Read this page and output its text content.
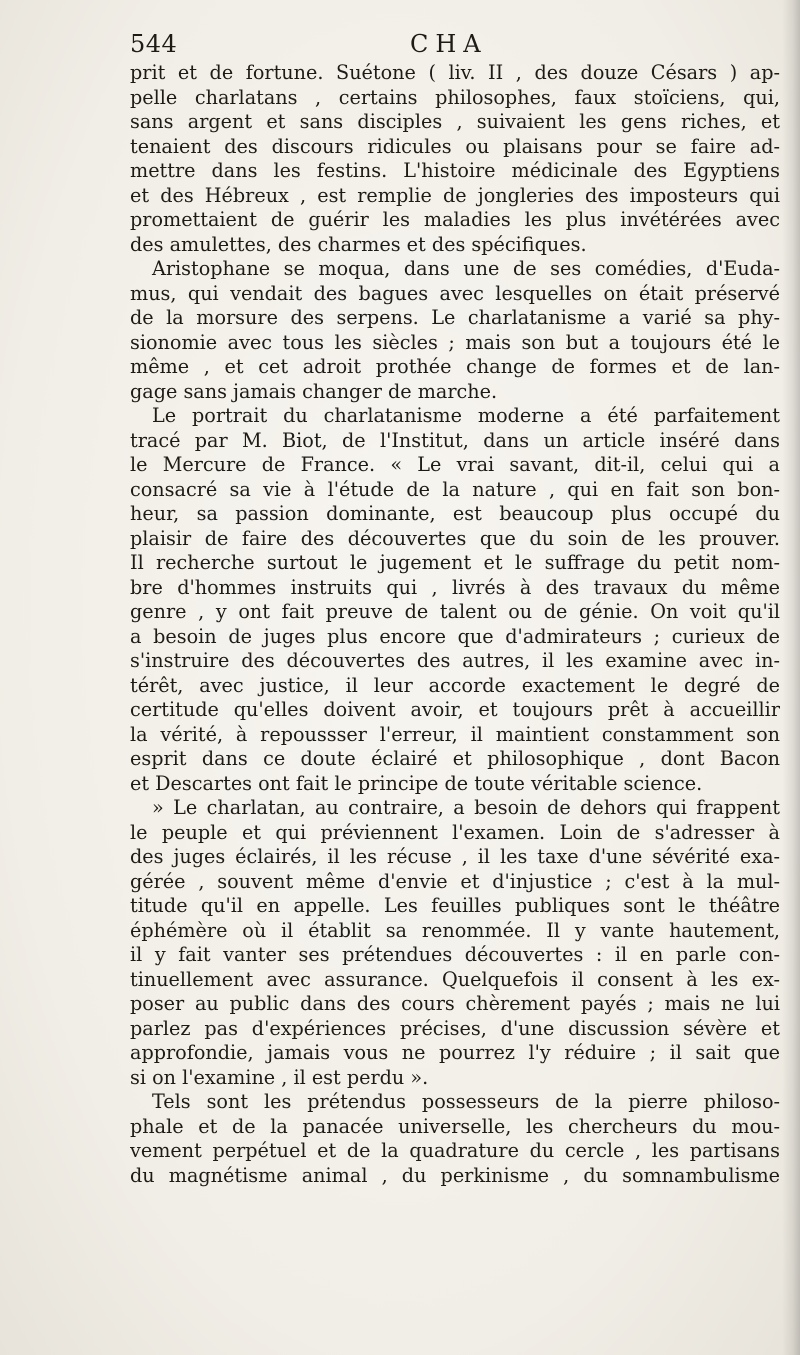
544	CHA
prit et de fortune. Suétone ( liv. II , des douze Césars ) ap-
pelle charlatans , certains philosophes, faux stoïciens, qui,
sans argent et sans disciples , suivaient les gens riches, et
tenaient des discours ridicules ou plaisans pour se faire ad-
mettre dans les festins. L'histoire médicinale des Egyptiens
et des Hébreux , est remplie de jongleries des imposteurs qui
promettaient de guérir les maladies les plus invétérées avec
des amulettes, des charmes et des spécifiques.
Aristophane se moqua, dans une de ses comédies, d'Euda-
mus, qui vendait des bagues avec lesquelles on était préservé
de la morsure des serpens. Le charlatanisme a varié sa phy-
sionomie avec tous les siècles ; mais son but a toujours été le
même , et cet adroit prothée change de formes et de lan-
gage sans jamais changer de marche.
Le portrait du charlatanisme moderne a été parfaitement
tracé par M. Biot, de l'Institut, dans un article inséré dans
le Mercure de France. « Le vrai savant, dit-il, celui qui a
consacré sa vie à l'étude de la nature , qui en fait son bon-
heur, sa passion dominante, est beaucoup plus occupé du
plaisir de faire des découvertes que du soin de les prouver.
Il recherche surtout le jugement et le suffrage du petit nom-
bre d'hommes instruits qui , livrés à des travaux du même
genre , y ont fait preuve de talent ou de génie. On voit qu'il
a besoin de juges plus encore que d'admirateurs ; curieux de
s'instruire des découvertes des autres, il les examine avec in-
térêt, avec justice, il leur accorde exactement le degré de
certitude qu'elles doivent avoir, et toujours prêt à accueillir
la vérité, à repoussser l'erreur, il maintient constamment son
esprit dans ce doute éclairé et philosophique , dont Bacon
et Descartes ont fait le principe de toute véritable science.
» Le charlatan, au contraire, a besoin de dehors qui frappent
le peuple et qui préviennent l'examen. Loin de s'adresser à
des juges éclairés, il les récuse , il les taxe d'une sévérité exa-
gérée , souvent même d'envie et d'injustice ; c'est à la mul-
titude qu'il en appelle. Les feuilles publiques sont le théâtre
éphémère où il établit sa renommée. Il y vante hautement,
il y fait vanter ses prétendues découvertes : il en parle con-
tinuellement avec assurance. Quelquefois il consent à les ex-
poser au public dans des cours chèrement payés ; mais ne lui
parlez pas d'expériences précises, d'une discussion sévère et
approfondie, jamais vous ne pourrez l'y réduire ; il sait que
si on l'examine , il est perdu ».
Tels sont les prétendus possesseurs de la pierre philoso-
phale et de la panacée universelle, les chercheurs du mou-
vement perpétuel et de la quadrature du cercle , les partisans
du magnétisme animal , du perkinisme , du somnambulisme
